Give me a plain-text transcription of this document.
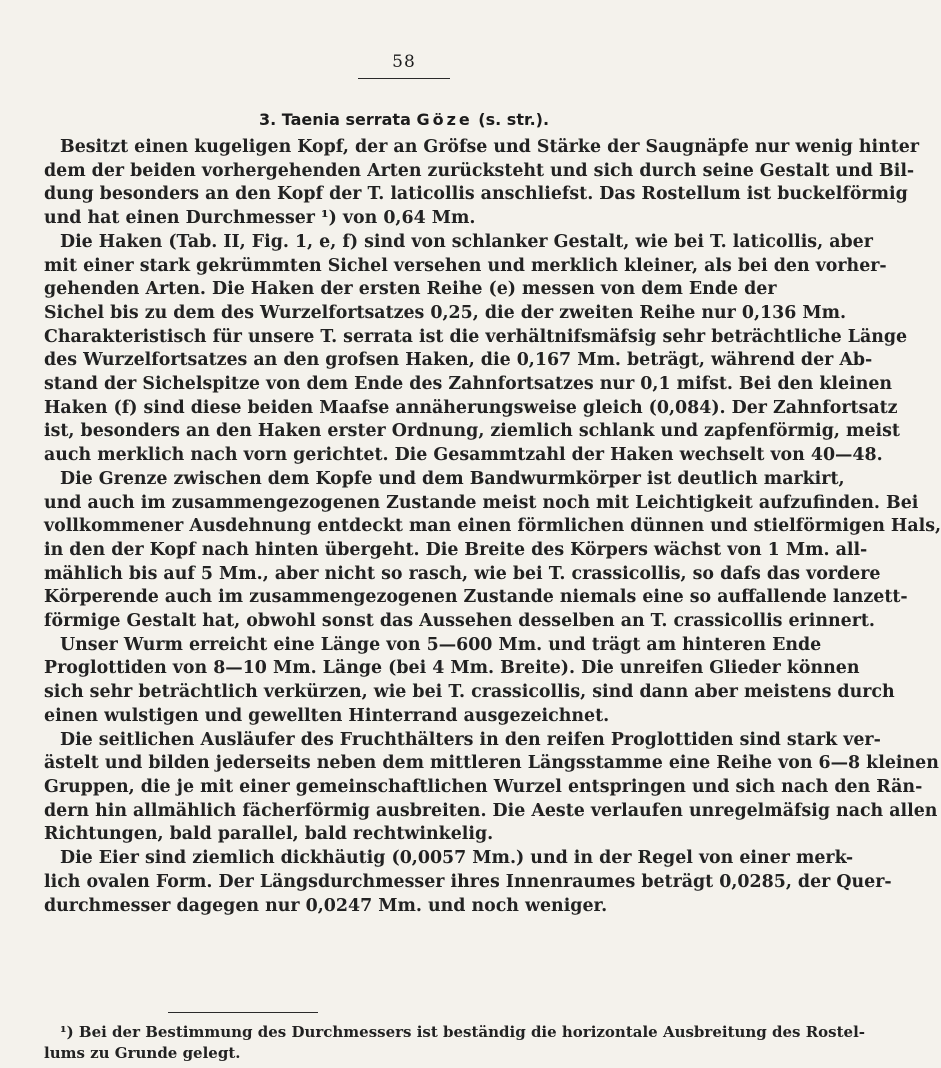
58
3. Taenia serrata Göze (s. str.).

Besitzt einen kugeligen Kopf, der an Gröfse und Stärke der Saugnäpfe nur wenig hinter
dem der beiden vorhergehenden Arten zurücksteht und sich durch seine Gestalt und Bil-
dung besonders an den Kopf der T. laticollis anschliefst. Das Rostellum ist buckelförmig
und hat einen Durchmesser ¹) von 0,64 Mm.

Die Haken (Tab. II, Fig. 1, e, f) sind von schlanker Gestalt, wie bei T. laticollis, aber
mit einer stark gekrümmten Sichel versehen und merklich kleiner, als bei den vorher-
gehenden Arten. Die Haken der ersten Reihe (e) messen von dem Ende der
Sichel bis zu dem des Wurzelfortsatzes 0,25, die der zweiten Reihe nur 0,136 Mm.
Charakteristisch für unsere T. serrata ist die verhältnifsmäfsig sehr beträchtliche Länge
des Wurzelfortsatzes an den grofsen Haken, die 0,167 Mm. beträgt, während der Ab-
stand der Sichelspitze von dem Ende des Zahnfortsatzes nur 0,1 mifst. Bei den kleinen
Haken (f) sind diese beiden Maafse annäherungsweise gleich (0,084). Der Zahnfortsatz
ist, besonders an den Haken erster Ordnung, ziemlich schlank und zapfenförmig, meist
auch merklich nach vorn gerichtet. Die Gesammtzahl der Haken wechselt von 40—48.

Die Grenze zwischen dem Kopfe und dem Bandwurmkörper ist deutlich markirt,
und auch im zusammengezogenen Zustande meist noch mit Leichtigkeit aufzufinden. Bei
vollkommener Ausdehnung entdeckt man einen förmlichen dünnen und stielförmigen Hals,
in den der Kopf nach hinten übergeht. Die Breite des Körpers wächst von 1 Mm. all-
mählich bis auf 5 Mm., aber nicht so rasch, wie bei T. crassicollis, so dafs das vordere
Körperende auch im zusammengezogenen Zustande niemals eine so auffallende lanzett-
förmige Gestalt hat, obwohl sonst das Aussehen desselben an T. crassicollis erinnert.

Unser Wurm erreicht eine Länge von 5—600 Mm. und trägt am hinteren Ende
Proglottiden von 8—10 Mm. Länge (bei 4 Mm. Breite). Die unreifen Glieder können
sich sehr beträchtlich verkürzen, wie bei T. crassicollis, sind dann aber meistens durch
einen wulstigen und gewellten Hinterrand ausgezeichnet.

Die seitlichen Ausläufer des Fruchthälters in den reifen Proglottiden sind stark ver-
ästelt und bilden jederseits neben dem mittleren Längsstamme eine Reihe von 6—8 kleinen
Gruppen, die je mit einer gemeinschaftlichen Wurzel entspringen und sich nach den Rän-
dern hin allmählich fächerförmig ausbreiten. Die Aeste verlaufen unregelmäfsig nach allen
Richtungen, bald parallel, bald rechtwinkelig.

Die Eier sind ziemlich dickhäutig (0,0057 Mm.) und in der Regel von einer merk-
lich ovalen Form. Der Längsdurchmesser ihres Innenraumes beträgt 0,0285, der Quer-
durchmesser dagegen nur 0,0247 Mm. und noch weniger.

¹) Bei der Bestimmung des Durchmessers ist beständig die horizontale Ausbreitung des Rostel-
lums zu Grunde gelegt.
